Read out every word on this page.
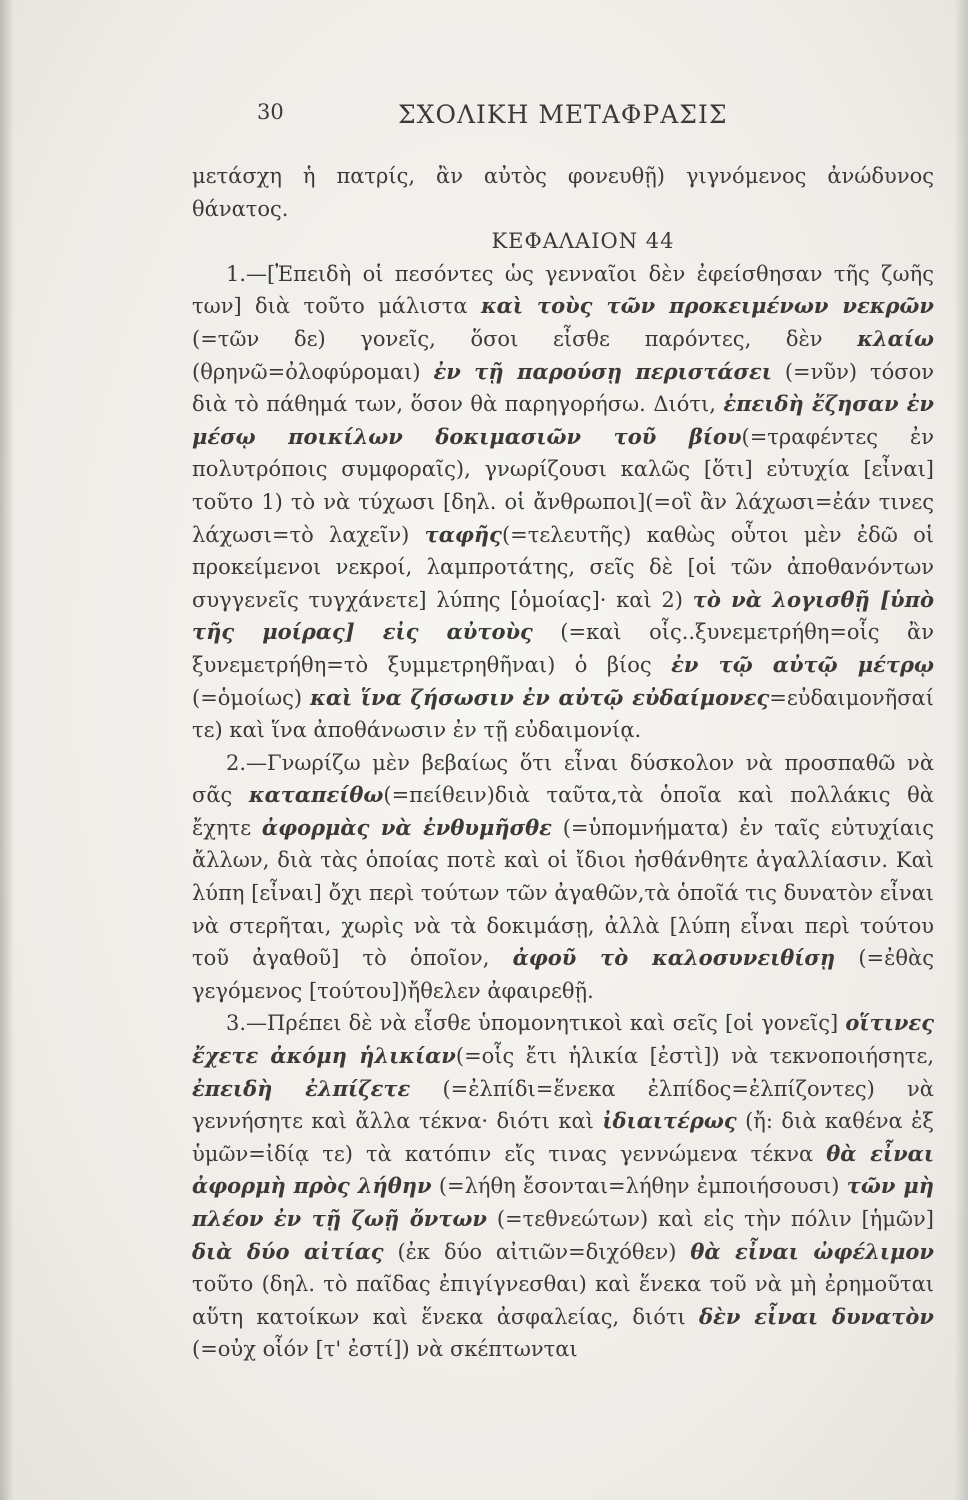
30	ΣΧΟΛΙΚΗ ΜΕΤΑΦΡΑΣΙΣ

μετάσχη ἡ πατρίς, ἂν αὐτὸς φονευθῇ) γιγνόμενος ἀνώδυνος θάνατος.

ΚΕΦΑΛΑΙΟΝ 44

1.—[Ἐπειδὴ οἱ πεσόντες ὡς γενναῖοι δὲν ἐφείσθησαν τῆς ζωῆς των] διὰ τοῦτο μάλιστα καὶ τοὺς τῶν προκειμένων νεκρῶν (=τῶν δε) γονεῖς, ὅσοι εἶσθε παρόντες, δὲν κλαίω (θρηνῶ=ὀλοφύρομαι) ἐν τῇ παρούσῃ περιστάσει (=νῦν) τόσον διὰ τὸ πάθημά των, ὅσον θὰ παρηγορήσω. Διότι, ἐπειδὴ ἔζησαν ἐν μέσῳ ποικίλων δοκιμασιῶν τοῦ βίου(=τραφέντες ἐν πολυτρόποις συμφοραῖς), γνωρίζουσι καλῶς [ὅτι] εὐτυχία [εἶναι] τοῦτο 1) τὸ νὰ τύχωσι [δηλ. οἱ ἄνθρωποι](=οἳ ἂν λάχωσι=ἐάν τινες λάχωσι=τὸ λαχεῖν) ταφῆς(=τελευτῆς) καθὼς οὗτοι μὲν ἐδῶ οἱ προκείμενοι νεκροί, λαμπροτάτης, σεῖς δὲ [οἱ τῶν ἀποθανόντων συγγενεῖς τυγχάνετε] λύπης [ὁμοίας]· καὶ 2) τὸ νὰ λογισθῇ [ὑπὸ τῆς μοίρας] εἰς αὐτοὺς (=καὶ οἷς..ξυνεμετρήθη=οἷς ἂν ξυνεμετρήθη=τὸ ξυμμετρηθῆναι) ὁ βίος ἐν τῷ αὐτῷ μέτρῳ (=ὁμοίως) καὶ ἵνα ζήσωσιν ἐν αὐτῷ εὐδαίμονες=εὐδαιμονῆσαί τε) καὶ ἵνα ἀποθάνωσιν ἐν τῇ εὐδαιμονίᾳ.

2.—Γνωρίζω μὲν βεβαίως ὅτι εἶναι δύσκολον νὰ προσπαθῶ νὰ σᾶς καταπείθω(=πείθειν)διὰ ταῦτα,τὰ ὁποῖα καὶ πολλάκις θὰ ἔχητε ἀφορμὰς νὰ ἐνθυμῆσθε (=ὑπομνήματα) ἐν ταῖς εὐτυχίαις ἄλλων, διὰ τὰς ὁποίας ποτὲ καὶ οἱ ἴδιοι ἠσθάνθητε ἀγαλλίασιν. Καὶ λύπη [εἶναι] ὄχι περὶ τούτων τῶν ἀγαθῶν,τὰ ὁποῖά τις δυνατὸν εἶναι νὰ στερῆται, χωρὶς νὰ τὰ δοκιμάσῃ, ἀλλὰ [λύπη εἶναι περὶ τούτου τοῦ ἀγαθοῦ] τὸ ὁποῖον, ἀφοῦ τὸ καλοσυνειθίσῃ (=ἐθὰς γεγόμενος [τούτου])ἤθελεν ἀφαιρεθῇ.

3.—Πρέπει δὲ νὰ εἶσθε ὑπομονητικοὶ καὶ σεῖς [οἱ γονεῖς] οἵτινες ἔχετε ἀκόμη ἡλικίαν(=οἷς ἔτι ἡλικία [ἐστὶ]) νὰ τεκνοποιήσητε, ἐπειδὴ ἐλπίζετε (=ἐλπίδι=ἕνεκα ἐλπίδος=ἐλπίζοντες) νὰ γεννήσητε καὶ ἄλλα τέκνα· διότι καὶ ἰδιαιτέρως (ἤ: διὰ καθένα ἐξ ὑμῶν=ἰδίᾳ τε) τὰ κατόπιν εἴς τινας γεννώμενα τέκνα θὰ εἶναι ἀφορμὴ πρὸς λήθην (=λήθη ἔσονται=λήθην ἐμποιήσουσι) τῶν μὴ πλέον ἐν τῇ ζωῇ ὄντων (=τεθνεώτων) καὶ εἰς τὴν πόλιν [ἡμῶν] διὰ δύο αἰτίας (ἐκ δύο αἰτιῶν=διχόθεν) θὰ εἶναι ὠφέλιμον τοῦτο (δηλ. τὸ παῖδας ἐπιγίγνεσθαι) καὶ ἕνεκα τοῦ νὰ μὴ ἐρημοῦται αὕτη κατοίκων καὶ ἕνεκα ἀσφαλείας, διότι δὲν εἶναι δυνατὸν (=οὐχ οἷόν [τ' ἐστί]) νὰ σκέπτωνται
